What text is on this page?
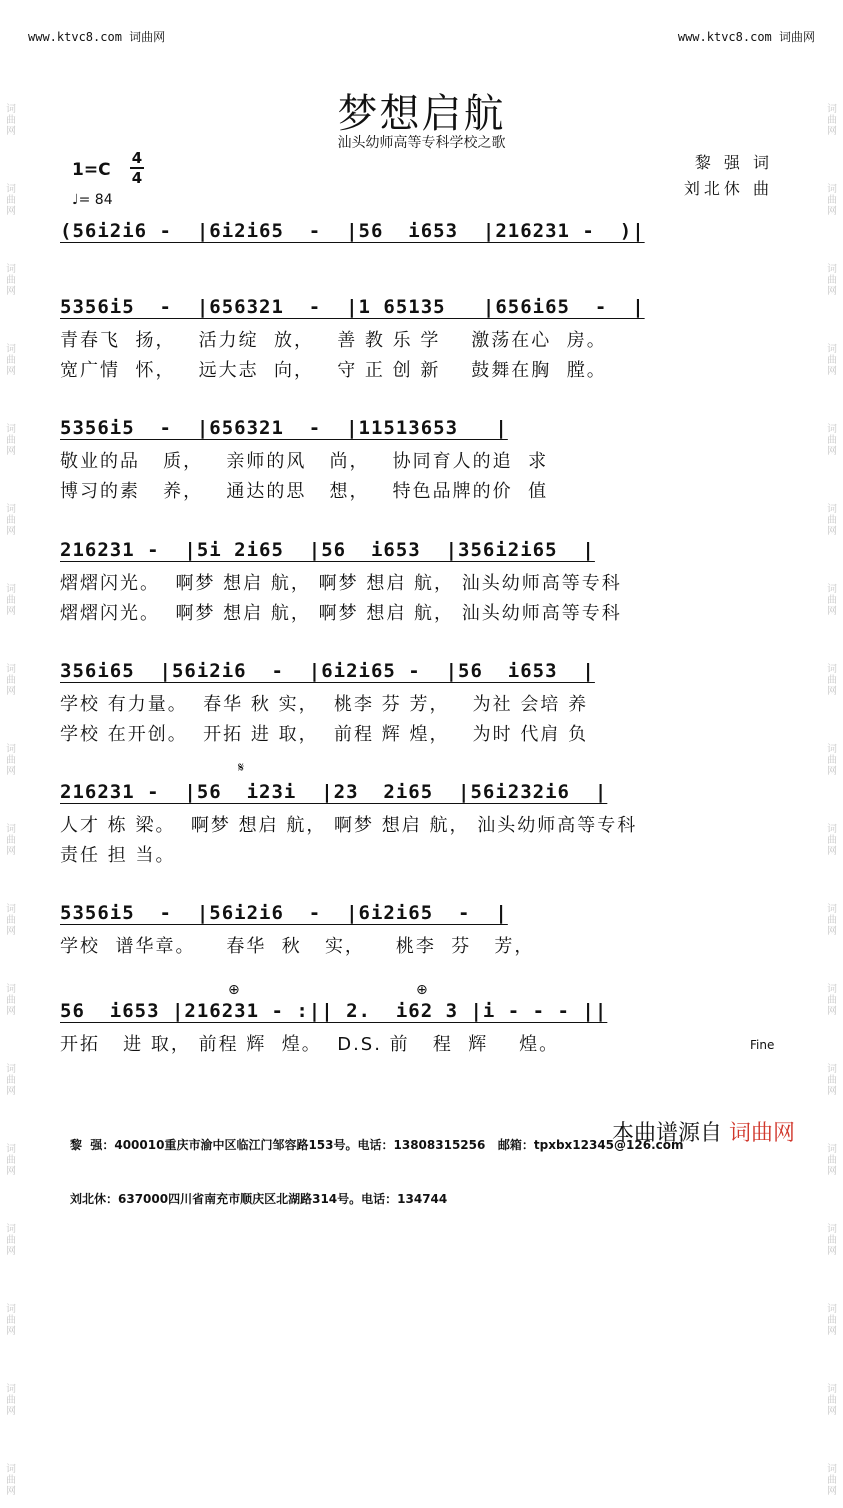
www.ktvc8.com 词曲网	www.ktvc8.com 词曲网

词
曲
网

词
曲
网

词
曲
网

词
曲
网

词
曲
网

词
曲
网

词
曲
网

词
曲
网

词
曲
网

词
曲
网

词
曲
网

词
曲
网

词
曲
网

词
曲
网

词
曲
网

词
曲
网

词
曲
网

词
曲
网

词
曲
网

词
曲
网

词
曲
网

词
曲
网

词
曲
网

词
曲
网

词
曲
网

词
曲
网

词
曲
网

词
曲
网

词
曲
网

词
曲
网

词
曲
网

词
曲
网

词
曲
网

词
曲
网

词
曲
网

词
曲
网

梦想启航
汕头幼师高等专科学校之歌
黎 强 词
刘北休 曲
1=C
4
4
♩= 84
(56i2i6 -  |6i2i65  -  |56  i653  |216231 -  )|
5356i5  -  |656321  -  |1 65135   |656i65  -  |
青春飞  扬，   活力绽  放，   善 教 乐 学    激荡在心  房。
宽广情  怀，   远大志  向，   守 正 创 新    鼓舞在胸  膛。
5356i5  -  |656321  -  |11513653   |
敬业的品   质，   亲师的风   尚，   协同育人的追  求
博习的素   养，   通达的思   想，   特色品牌的价  值
216231 -  |5i 2i65  |56  i653  |356i2i65  |
熠熠闪光。  啊梦 想启 航， 啊梦 想启 航， 汕头幼师高等专科
熠熠闪光。  啊梦 想启 航， 啊梦 想启 航， 汕头幼师高等专科
356i65  |56i2i6  -  |6i2i65 -  |56  i653  |
学校 有力量。  春华 秋 实，  桃李 芬 芳，   为社 会培 养
学校 在开创。  开拓 进 取，  前程 辉 煌，   为时 代肩 负
𝄋
216231 -  |56  i23i  |23  2i65  |56i232i6  |
人才 栋 梁。  啊梦 想启 航， 啊梦 想启 航， 汕头幼师高等专科
责任 担 当。
5356i5  -  |56i2i6  -  |6i2i65  -  |
学校  谱华章。    春华  秋   实，    桃李  芬   芳，
⊕	⊕
56  i653 |216231 - :|| 2.  i62 3 |i - - - ||
开拓   进 取， 前程 辉  煌。  D.S. 前   程  辉    煌。	Fine

黎  强：400010重庆市渝中区临江门邹容路153号。电话：13808315256   邮箱：tpxbx12345@126.com

刘北休：637000四川省南充市顺庆区北湖路314号。电话：134744

本曲谱源自 词曲网
